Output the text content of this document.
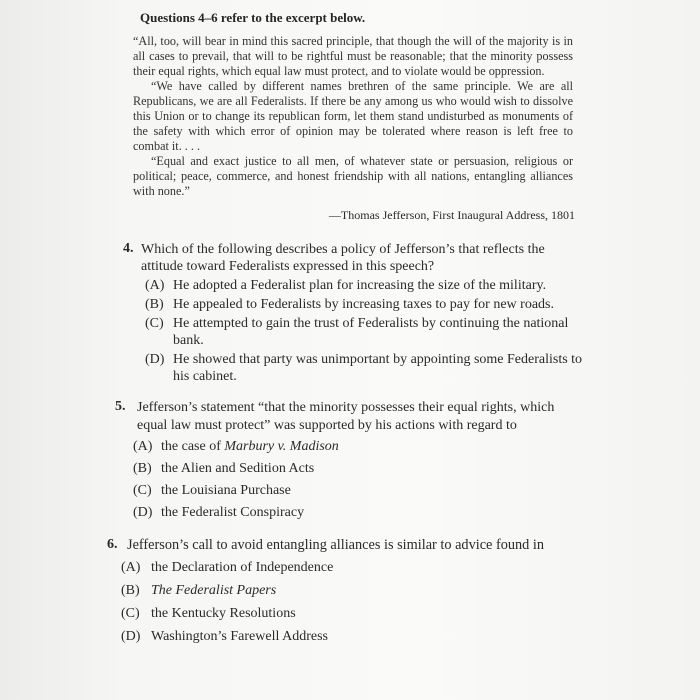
Questions 4–6 refer to the excerpt below.

“All, too, will bear in mind this sacred principle, that though the will of the majority is in all cases to prevail, that will to be rightful must be reasonable; that the minority possess their equal rights, which equal law must protect, and to violate would be oppression.

“We have called by different names brethren of the same principle. We are all Republicans, we are all Federalists. If there be any among us who would wish to dissolve this Union or to change its republican form, let them stand undisturbed as monuments of the safety with which error of opinion may be tolerated where reason is left free to combat it. . . .

“Equal and exact justice to all men, of whatever state or persuasion, religious or political; peace, commerce, and honest friendship with all nations, entangling alliances with none.”

—Thomas Jefferson, First Inaugural Address, 1801
4. Which of the following describes a policy of Jefferson’s that reflects the attitude toward Federalists expressed in this speech?
(A) He adopted a Federalist plan for increasing the size of the military.
(B) He appealed to Federalists by increasing taxes to pay for new roads.
(C) He attempted to gain the trust of Federalists by continuing the national bank.
(D) He showed that party was unimportant by appointing some Federalists to his cabinet.
5. Jefferson’s statement “that the minority possesses their equal rights, which equal law must protect” was supported by his actions with regard to
(A) the case of Marbury v. Madison
(B) the Alien and Sedition Acts
(C) the Louisiana Purchase
(D) the Federalist Conspiracy
6. Jefferson’s call to avoid entangling alliances is similar to advice found in
(A) the Declaration of Independence
(B) The Federalist Papers
(C) the Kentucky Resolutions
(D) Washington’s Farewell Address
